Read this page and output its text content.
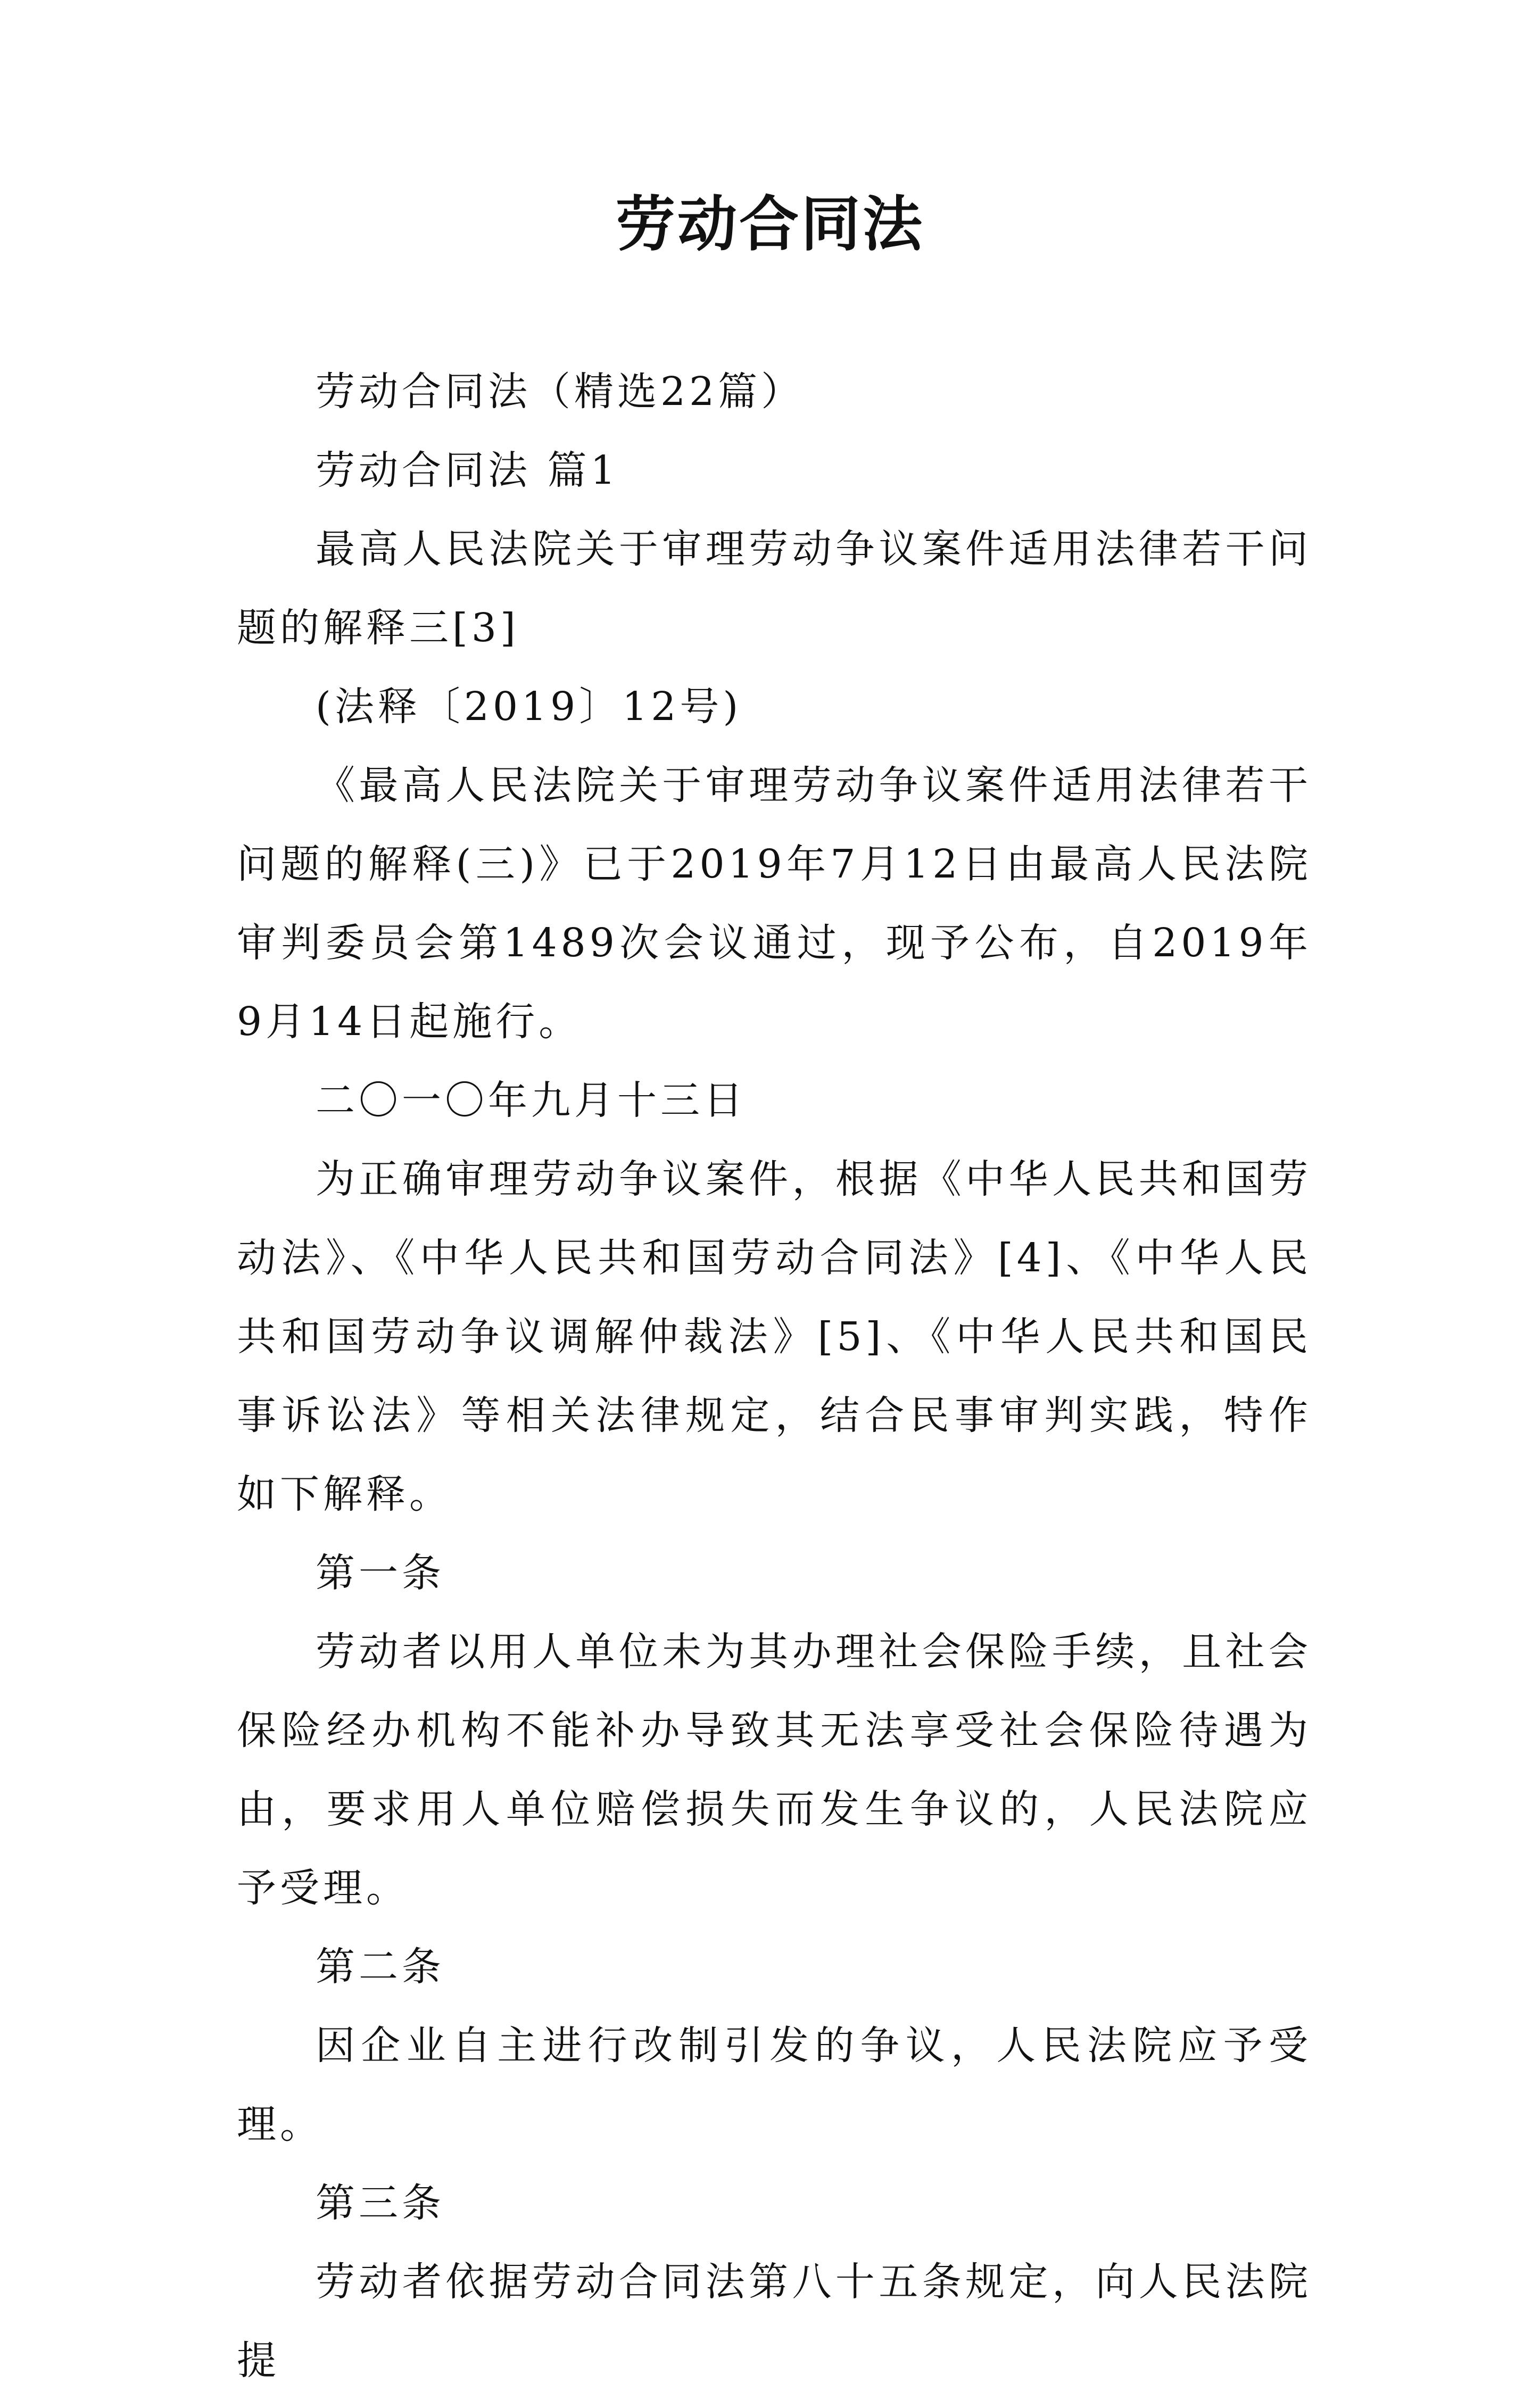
劳动合同法

劳动合同法（精选22篇）

劳动合同法 篇1

最高人民法院关于审理劳动争议案件适用法律若干问题的解释三[3]

(法释〔2019〕12号)

《最高人民法院关于审理劳动争议案件适用法律若干问题的解释(三)》已于2019年7月12日由最高人民法院审判委员会第1489次会议通过，现予公布，自2019年9月14日起施行。

二〇一〇年九月十三日

为正确审理劳动争议案件，根据《中华人民共和国劳动法》、《中华人民共和国劳动合同法》[4]、《中华人民共和国劳动争议调解仲裁法》[5]、《中华人民共和国民事诉讼法》等相关法律规定，结合民事审判实践，特作如下解释。

第一条

劳动者以用人单位未为其办理社会保险手续，且社会保险经办机构不能补办导致其无法享受社会保险待遇为由，要求用人单位赔偿损失而发生争议的，人民法院应予受理。

第二条

因企业自主进行改制引发的争议，人民法院应予受理。

第三条

劳动者依据劳动合同法第八十五条规定，向人民法院提
